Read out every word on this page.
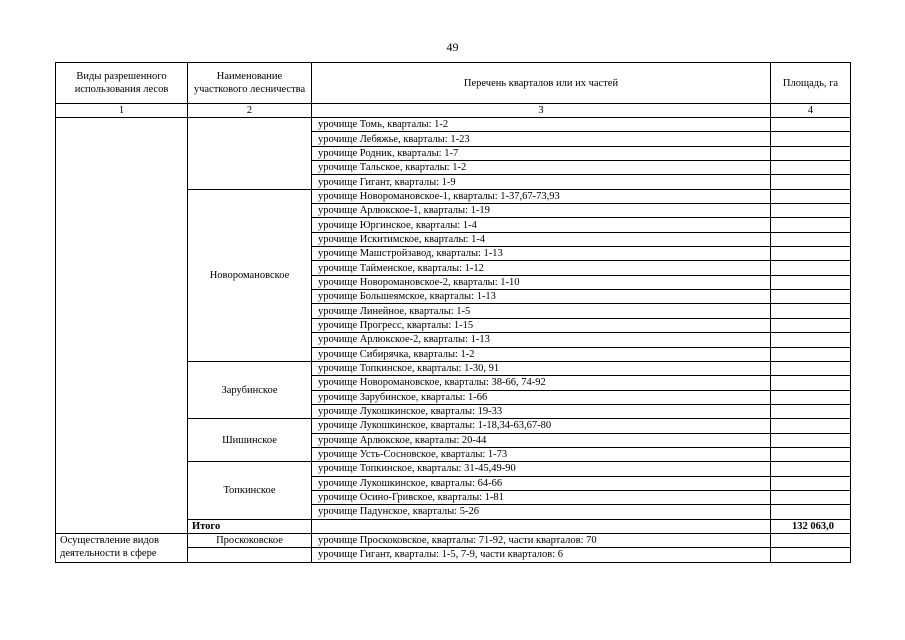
49
Виды разрешенного использования лесов	Наименование участкового лесничества	Перечень кварталов или их частей	Площадь, га
1	2	3	4
		урочище Томь, кварталы: 1-2	
		урочище Лебяжье, кварталы: 1-23	
		урочище Родник, кварталы: 1-7	
		урочище Тальское, кварталы: 1-2	
		урочище Гигант, кварталы: 1-9	
	Новоромановское	урочище Новоромановское-1, кварталы: 1-37,67-73,93	
		урочище Арлюкское-1, кварталы: 1-19	
		урочище Юргинское, кварталы: 1-4	
		урочище Искитимское, кварталы: 1-4	
		урочище Машстройзавод, кварталы: 1-13	
		урочище Тайменское, кварталы: 1-12	
		урочище Новоромановское-2, кварталы: 1-10	
		урочище Большеямское, кварталы: 1-13	
		урочище Линейное, кварталы: 1-5	
		урочище Прогресс, кварталы: 1-15	
		урочище Арлюкское-2, кварталы: 1-13	
		урочище Сибирячка, кварталы: 1-2	
	Зарубинское	урочище Топкинское, кварталы: 1-30, 91	
		урочище Новоромановское, кварталы: 38-66, 74-92	
		урочище Зарубинское, кварталы: 1-66	
		урочище Лукошкинское, кварталы: 19-33	
	Шишинское	урочище Лукошкинское, кварталы: 1-18,34-63,67-80	
		урочище Арлюкское, кварталы: 20-44	
		урочище Усть-Сосновское, кварталы: 1-73	
	Топкинское	урочище Топкинское, кварталы: 31-45,49-90	
		урочище Лукошкинское, кварталы: 64-66	
		урочище Осино-Гривское, кварталы: 1-81	
		урочище Падунское, кварталы: 5-26	
	Итого		132 063,0
Осуществление видов деятельности в сфере	Проскоковское	урочище Проскоковское, кварталы: 71-92, части кварталов: 70	
		урочище Гигант, кварталы: 1-5, 7-9, части кварталов: 6	
